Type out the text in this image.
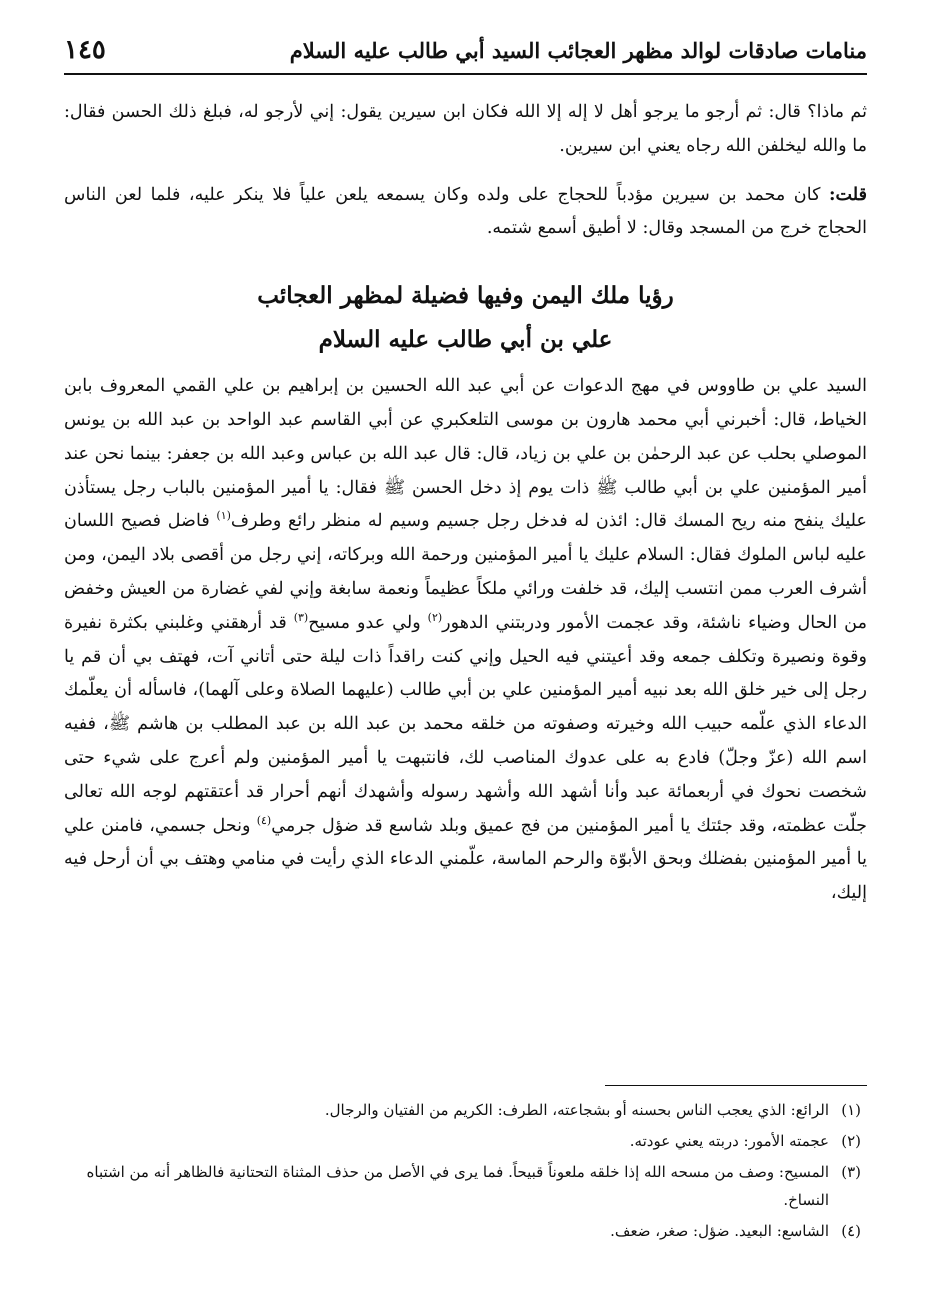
منامات صادقات لوالد مظهر العجائب السيد أبي طالب عليه السلام
١٤٥

ثم ماذا؟ قال: ثم أرجو ما يرجو أهل لا إله إلا الله فكان ابن سيرين يقول: إني لأرجو له، فبلغ ذلك الحسن فقال: ما والله ليخلفن الله رجاه يعني ابن سيرين.

قلت: كان محمد بن سيرين مؤدباً للحجاج على ولده وكان يسمعه يلعن علياً فلا ينكر عليه، فلما لعن الناس الحجاج خرج من المسجد وقال: لا أطيق أسمع شتمه.

رؤيا ملك اليمن وفيها فضيلة لمظهر العجائب
علي بن أبي طالب عليه السلام

السيد علي بن طاووس في مهج الدعوات عن أبي عبد الله الحسين بن إبراهيم بن علي القمي المعروف بابن الخياط، قال: أخبرني أبي محمد هارون بن موسى التلعكبري عن أبي القاسم عبد الواحد بن عبد الله بن يونس الموصلي بحلب عن عبد الرحمٰن بن علي بن زياد، قال: قال عبد الله بن عباس وعبد الله بن جعفر: بينما نحن عند أمير المؤمنين علي بن أبي طالب ﷺ ذات يوم إذ دخل الحسن ﷺ فقال: يا أمير المؤمنين بالباب رجل يستأذن عليك ينفح منه ريح المسك قال: ائذن له فدخل رجل جسيم وسيم له منظر رائع وطرف$^{(١)}$ فاضل فصيح اللسان عليه لباس الملوك فقال: السلام عليك يا أمير المؤمنين ورحمة الله وبركاته، إني رجل من أقصى بلاد اليمن، ومن أشرف العرب ممن انتسب إليك، قد خلفت ورائي ملكاً عظيماً ونعمة سابغة وإني لفي غضارة من العيش وخفض من الحال وضياء ناشئة، وقد عجمت الأمور ودربتني الدهور$^{(٢)}$ ولي عدو مسيح$^{(٣)}$ قد أرهقني وغلبني بكثرة نفيرة وقوة ونصيرة وتكلف جمعه وقد أعيتني فيه الحيل وإني كنت راقداً ذات ليلة حتى أتاني آت، فهتف بي أن قم يا رجل إلى خير خلق الله بعد نبيه أمير المؤمنين علي بن أبي طالب (عليهما الصلاة وعلى آلهما)، فاسأله أن يعلّمك الدعاء الذي علّمه حبيب الله وخيرته وصفوته من خلقه محمد بن عبد الله بن عبد المطلب بن هاشم ﷺ، ففيه اسم الله (عزّ وجلّ) فادع به على عدوك المناصب لك، فانتبهت يا أمير المؤمنين ولم أعرج على شيء حتى شخصت نحوك في أربعمائة عبد وأنا أشهد الله وأشهد رسوله وأشهدك أنهم أحرار قد أعتقتهم لوجه الله تعالى جلّت عظمته، وقد جئتك يا أمير المؤمنين من فج عميق وبلد شاسع قد ضؤل جرمي$^{(٤)}$ ونحل جسمي، فامنن علي يا أمير المؤمنين بفضلك وبحق الأبوّة والرحم الماسة، علّمني الدعاء الذي رأيت في منامي وهتف بي أن أرحل فيه إليك،

(١)
الرائع: الذي يعجب الناس بحسنه أو بشجاعته، الطرف: الكريم من الفتيان والرجال.
(٢)
عجمته الأمور: دربته يعني عودته.
(٣)
المسيح: وصف من مسحه الله إذا خلقه ملعوناً قبيحاً. فما يرى في الأصل من حذف المثناة التحتانية فالظاهر أنه من اشتباه النساخ.
(٤)
الشاسع: البعيد. ضؤل: صغر، ضعف.
